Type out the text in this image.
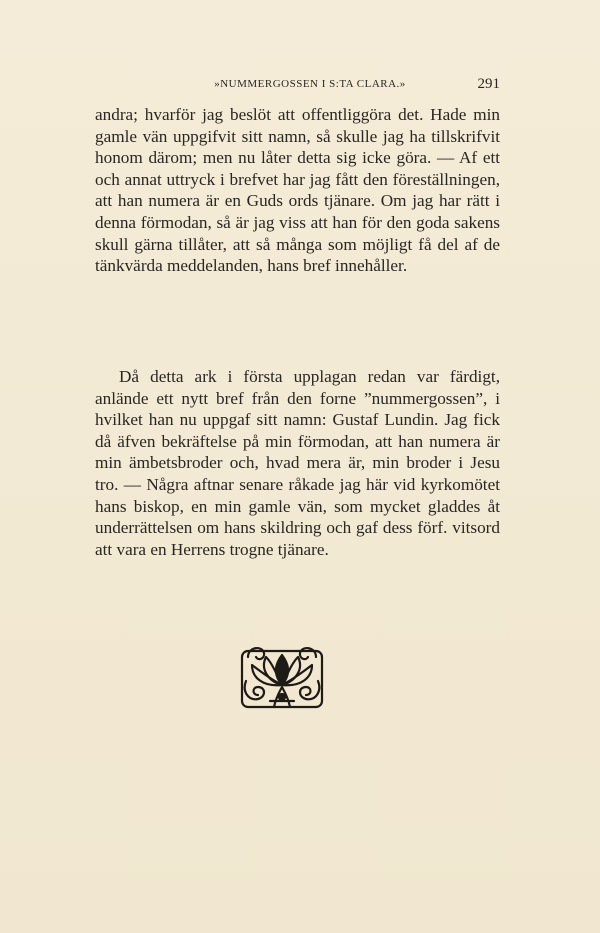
»NUMMERGOSSEN I S:TA CLARA.»	291

andra; hvarför jag beslöt att offentliggöra det. Hade min gamle vän uppgifvit sitt namn, så skulle jag ha tillskrifvit honom därom; men nu låter detta sig icke göra. — Af ett och annat uttryck i brefvet har jag fått den föreställningen, att han numera är en Guds ords tjänare. Om jag har rätt i denna förmodan, så är jag viss att han för den goda sakens skull gärna tillåter, att så många som möjligt få del af de tänkvärda meddelanden, hans bref innehåller.

Då detta ark i första upplagan redan var färdigt, anlände ett nytt bref från den forne ”nummergossen”, i hvilket han nu uppgaf sitt namn: Gustaf Lundin. Jag fick då äfven bekräftelse på min förmodan, att han numera är min ämbetsbroder och, hvad mera är, min broder i Jesu tro. — Några aftnar senare råkade jag här vid kyrkomötet hans biskop, en min gamle vän, som mycket gladdes åt underrättelsen om hans skildring och gaf dess förf. vitsord att vara en Herrens trogne tjänare.
